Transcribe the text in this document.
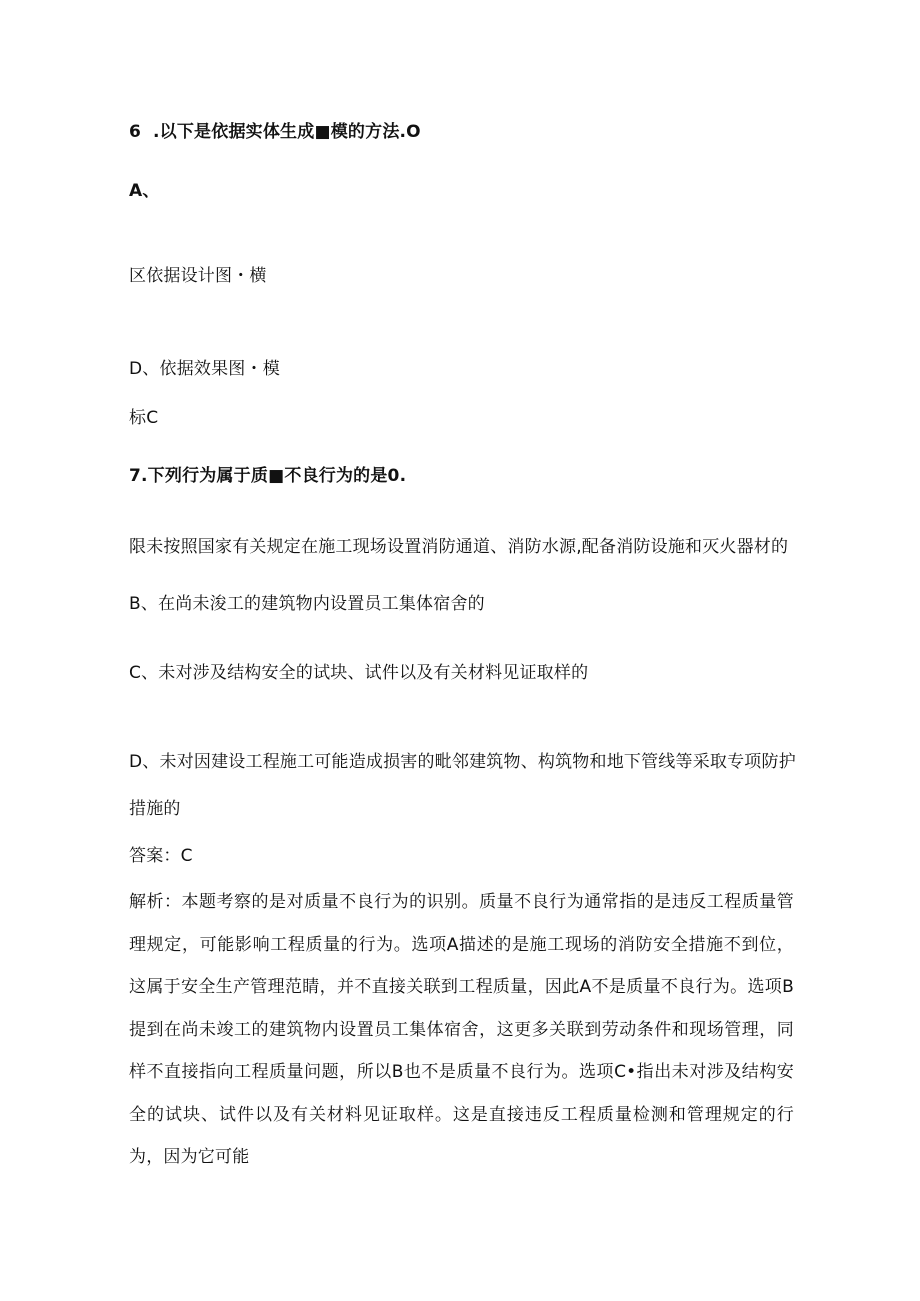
6 .以下是依据实体生成■模的方法.O
A、
区依据设计图・横
D、依据效果图・模
标C
7.下列行为属于质■不良行为的是0.
限未按照国家有关规定在施工现场设置消防通道、消防水源,配备消防设施和灭火器材的
B、在尚未浚工的建筑物内设置员工集体宿舍的
C、未对涉及结构安全的试块、试件以及有关材料见证取样的
D、未对因建设工程施工可能造成损害的毗邻建筑物、构筑物和地下管线等采取专项防护
措施的
答案：C
解析：本题考察的是对质量不良行为的识别。质量不良行为通常指的是违反工程质量管理规定，可能影响工程质量的行为。选项A描述的是施工现场的消防安全措施不到位，这属于安全生产管理范睛，并不直接关联到工程质量，因此A不是质量不良行为。选项B提到在尚未竣工的建筑物内设置员工集体宿舍，这更多关联到劳动条件和现场管理，同样不直接指向工程质量问题，所以B也不是质量不良行为。选项C•指出未对涉及结构安全的试块、试件以及有关材料见证取样。这是直接违反工程质量检测和管理规定的行为，因为它可能
